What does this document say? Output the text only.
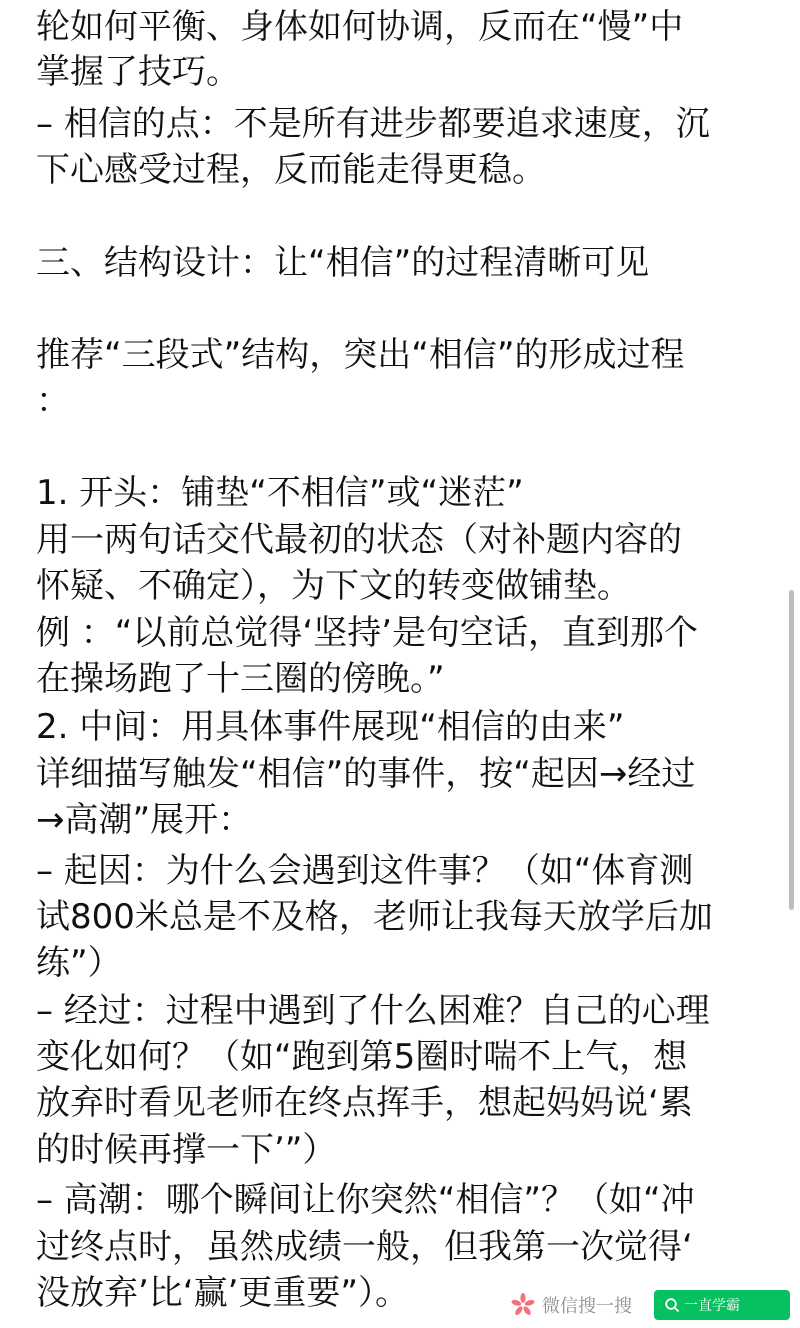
轮如何平衡、身体如何协调，反而在“慢”中
掌握了技巧。
– 相信的点：不是所有进步都要追求速度，沉
下心感受过程，反而能走得更稳。
三、结构设计：让“相信”的过程清晰可见
推荐“三段式”结构，突出“相信”的形成过程
：
1. 开头：铺垫“不相信”或“迷茫”
用一两句话交代最初的状态（对补题内容的
怀疑、不确定），为下文的转变做铺垫。
例 ：“以前总觉得‘坚持’是句空话，直到那个
在操场跑了十三圈的傍晚。”
2. 中间：用具体事件展现“相信的由来”
详细描写触发“相信”的事件，按“起因→经过
→高潮”展开：
– 起因：为什么会遇到这件事？（如“体育测
试800米总是不及格，老师让我每天放学后加
练”）
– 经过：过程中遇到了什么困难？自己的心理
变化如何？（如“跑到第5圈时喘不上气，想
放弃时看见老师在终点挥手，想起妈妈说‘累
的时候再撑一下’”）
– 高潮：哪个瞬间让你突然“相信”？（如“冲
过终点时，虽然成绩一般，但我第一次觉得‘
没放弃’比‘赢’更重要”）。	微信搜一搜	一直学霸
